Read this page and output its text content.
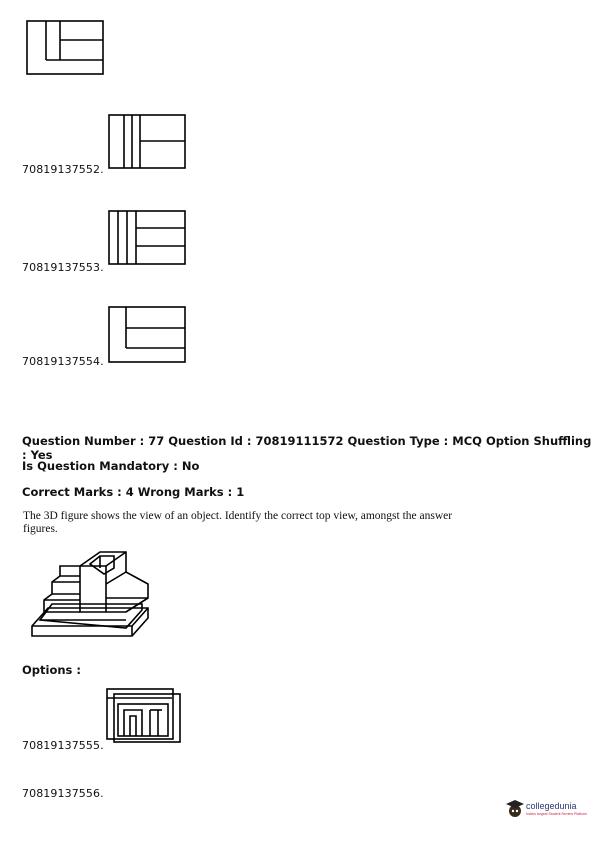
70819137552.
70819137553.
70819137554.
Question Number : 77 Question Id : 70819111572 Question Type : MCQ Option Shuffling : Yes
Is Question Mandatory : No
Correct Marks : 4 Wrong Marks : 1
The 3D figure shows the view of an object. Identify the correct top view, amongst the answer figures.
Options :
70819137555.
70819137556.
collegedunia
India's largest Student Review Platform
